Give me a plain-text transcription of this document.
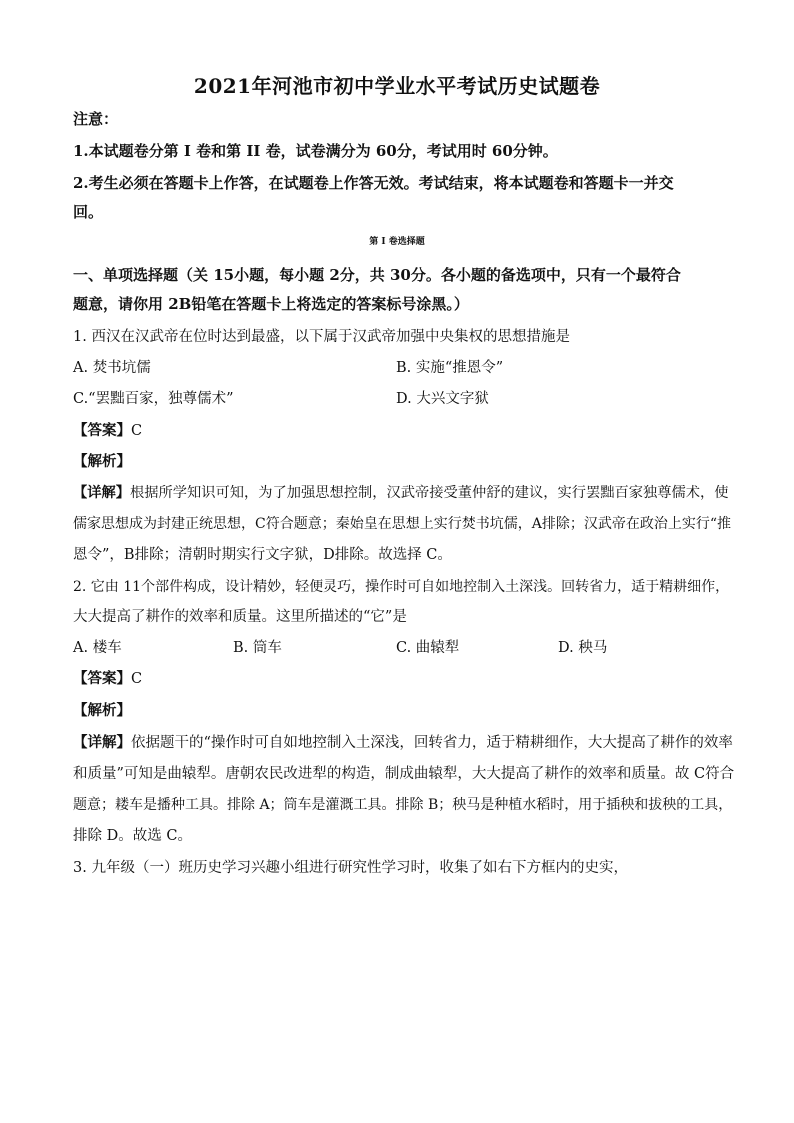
2021年河池市初中学业水平考试历史试题卷
注意：
1.本试题卷分第 I 卷和第 II 卷，试卷满分为 60分，考试用时 60分钟。
2.考生必须在答题卡上作答，在试题卷上作答无效。考试结束，将本试题卷和答题卡一并交
回。
第 I 卷选择题
一、单项选择题（关 15小题，每小题 2分，共 30分。各小题的备选项中，只有一个最符合
题意，请你用 2B铅笔在答题卡上将选定的答案标号涂黑。）
1. 西汉在汉武帝在位时达到最盛，以下属于汉武帝加强中央集权的思想措施是
A. 焚书坑儒	B. 实施“推恩令”
C.“罢黜百家，独尊儒术”	D. 大兴文字狱
【答案】C
【解析】
【详解】根据所学知识可知，为了加强思想控制，汉武帝接受董仲舒的建议，实行罢黜百家独尊儒术，使
儒家思想成为封建正统思想，C符合题意；秦始皇在思想上实行焚书坑儒，A排除；汉武帝在政治上实行“推
恩令”，B排除；清朝时期实行文字狱，D排除。故选择 C。
2. 它由 11个部件构成，设计精妙，轻便灵巧，操作时可自如地控制入土深浅。回转省力，适于精耕细作，
大大提高了耕作的效率和质量。这里所描述的“它”是
A. 楼车	B. 筒车	C. 曲辕犁	D. 秧马
【答案】C
【解析】
【详解】依据题干的“操作时可自如地控制入土深浅，回转省力，适于精耕细作，大大提高了耕作的效率
和质量”可知是曲辕犁。唐朝农民改进犁的构造，制成曲辕犁，大大提高了耕作的效率和质量。故 C符合
题意；耧车是播种工具。排除 A；筒车是灌溉工具。排除 B；秧马是种植水稻时，用于插秧和拔秧的工具，
排除 D。故选 C。
3. 九年级（一）班历史学习兴趣小组进行研究性学习时，收集了如右下方框内的史实，
